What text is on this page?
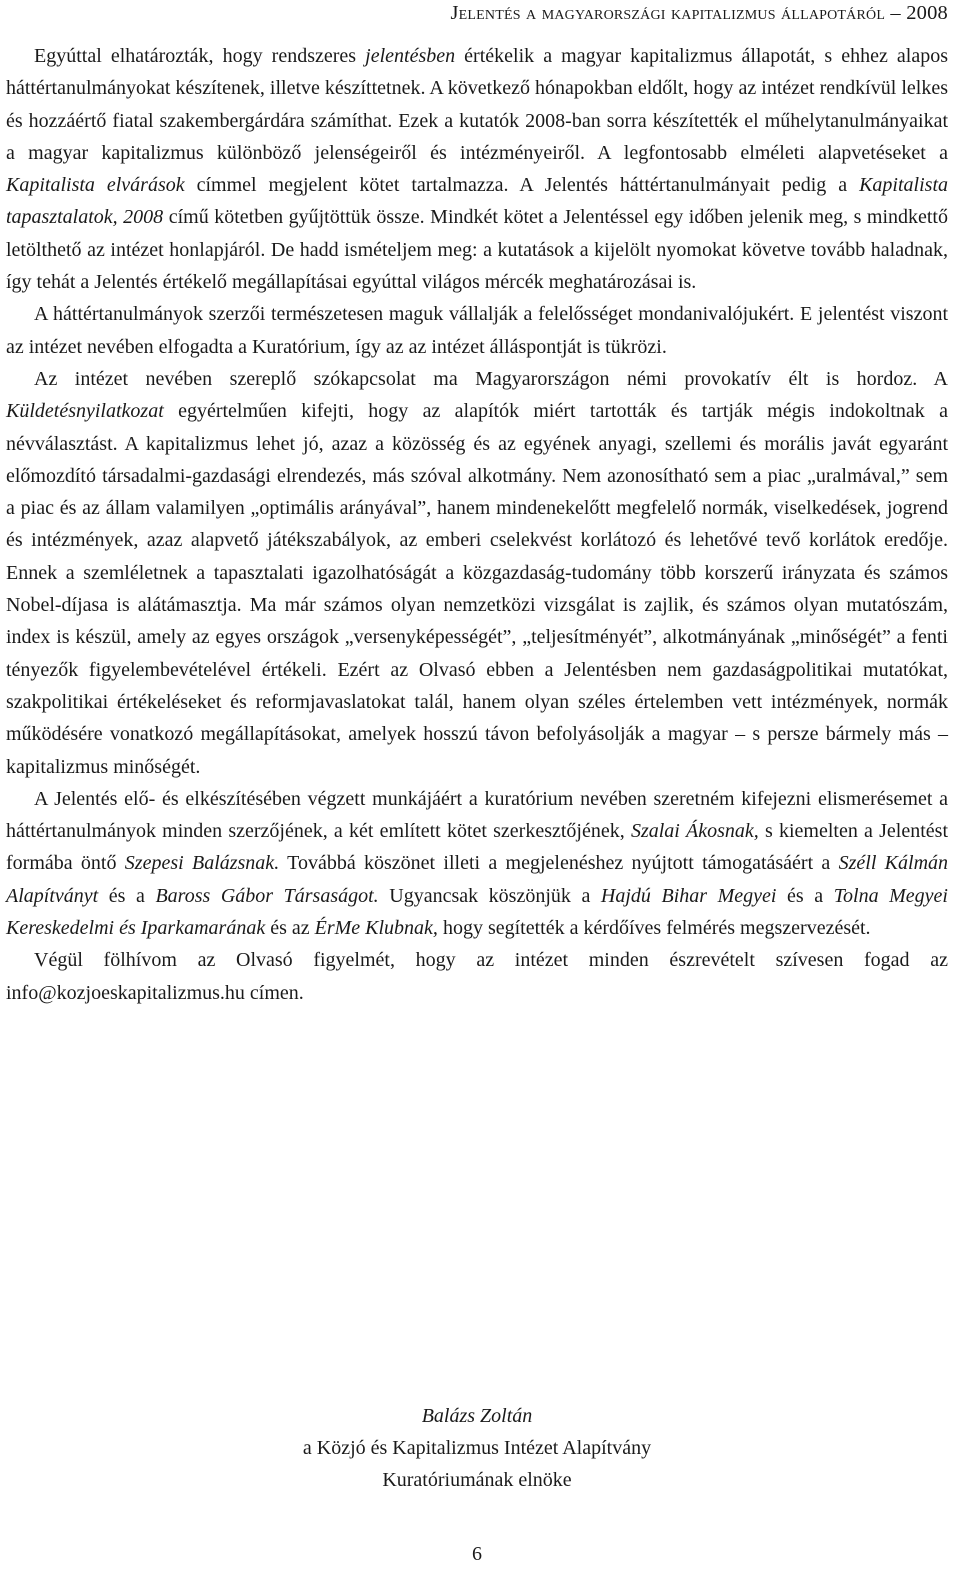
Jelentés a magyarországi kapitalizmus állapotáról – 2008

Egyúttal elhatározták, hogy rendszeres jelentésben értékelik a magyar kapitalizmus állapotát, s ehhez alapos háttértanulmányokat készítenek, illetve készíttetnek. A következő hónapokban eldőlt, hogy az intézet rendkívül lelkes és hozzáértő fiatal szakembergárdára számíthat. Ezek a kutatók 2008-ban sorra készítették el műhelytanulmányaikat a magyar kapitalizmus különböző jelenségeiről és intézményeiről. A legfontosabb elméleti alapvetéseket a Kapitalista elvárások címmel megjelent kötet tartalmazza. A Jelentés háttértanulmányait pedig a Kapitalista tapasztalatok, 2008 című kötetben gyűjtöttük össze. Mindkét kötet a Jelentéssel egy időben jelenik meg, s mindkettő letölthető az intézet honlapjáról. De hadd ismételjem meg: a kutatások a kijelölt nyomokat követve tovább haladnak, így tehát a Jelentés értékelő megállapításai egyúttal világos mércék meghatározásai is.

A háttértanulmányok szerzői természetesen maguk vállalják a felelősséget mondanivalójukért. E jelentést viszont az intézet nevében elfogadta a Kuratórium, így az az intézet álláspontját is tükrözi.

Az intézet nevében szereplő szókapcsolat ma Magyarországon némi provokatív élt is hordoz. A Küldetésnyilatkozat egyértelműen kifejti, hogy az alapítók miért tartották és tartják mégis indokoltnak a névválasztást. A kapitalizmus lehet jó, azaz a közösség és az egyének anyagi, szellemi és morális javát egyaránt előmozdító társadalmi-gazdasági elrendezés, más szóval alkotmány. Nem azonosítható sem a piac „uralmával,” sem a piac és az állam valamilyen „optimális arányával”, hanem mindenekelőtt megfelelő normák, viselkedések, jogrend és intézmények, azaz alapvető játékszabályok, az emberi cselekvést korlátozó és lehetővé tevő korlátok eredője. Ennek a szemléletnek a tapasztalati igazolhatóságát a közgazdaság-tudomány több korszerű irányzata és számos Nobel-díjasa is alátámasztja. Ma már számos olyan nemzetközi vizsgálat is zajlik, és számos olyan mutatószám, index is készül, amely az egyes országok „versenyképességét”, „teljesítményét”, alkotmányának „minőségét” a fenti tényezők figyelembevételével értékeli. Ezért az Olvasó ebben a Jelentésben nem gazdaságpolitikai mutatókat, szakpolitikai értékeléseket és reformjavaslatokat talál, hanem olyan széles értelemben vett intézmények, normák működésére vonatkozó megállapításokat, amelyek hosszú távon befolyásolják a magyar – s persze bármely más – kapitalizmus minőségét.

A Jelentés elő- és elkészítésében végzett munkájáért a kuratórium nevében szeretném kifejezni elismerésemet a háttértanulmányok minden szerzőjének, a két említett kötet szerkesztőjének, Szalai Ákosnak, s kiemelten a Jelentést formába öntő Szepesi Balázsnak. Továbbá köszönet illeti a megjelenéshez nyújtott támogatásáért a Széll Kálmán Alapítványt és a Baross Gábor Társaságot. Ugyancsak köszönjük a Hajdú Bihar Megyei és a Tolna Megyei Kereskedelmi és Iparkamarának és az ÉrMe Klubnak, hogy segítették a kérdőíves felmérés megszervezését.

Végül fölhívom az Olvasó figyelmét, hogy az intézet minden észrevételt szívesen fogad az info@kozjoeskapitalizmus.hu címen.

Balázs Zoltán
a Közjó és Kapitalizmus Intézet Alapítvány
Kuratóriumának elnöke
6
